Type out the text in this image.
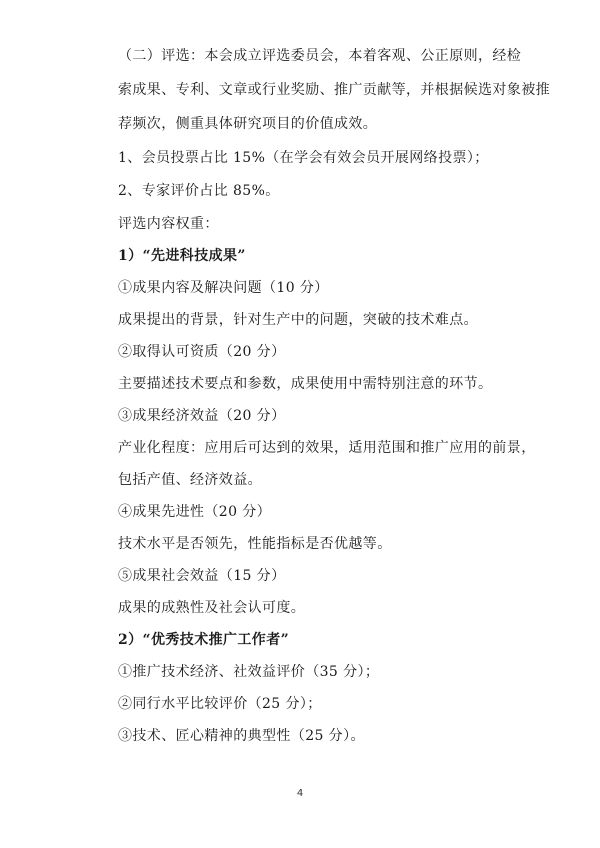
（二）评选：本会成立评选委员会，本着客观、公正原则，经检
索成果、专利、文章或行业奖励、推广贡献等，并根据候选对象被推
荐频次，侧重具体研究项目的价值成效。
1、会员投票占比 15%（在学会有效会员开展网络投票）；
2、专家评价占比 85%。
评选内容权重：
1）“先进科技成果”
①成果内容及解决问题（10 分）
成果提出的背景，针对生产中的问题，突破的技术难点。
②取得认可资质（20 分）
主要描述技术要点和参数，成果使用中需特别注意的环节。
③成果经济效益（20 分）
产业化程度：应用后可达到的效果，适用范围和推广应用的前景，
包括产值、经济效益。
④成果先进性（20 分）
技术水平是否领先，性能指标是否优越等。
⑤成果社会效益（15 分）
成果的成熟性及社会认可度。
2）“优秀技术推广工作者”
①推广技术经济、社效益评价（35 分）；
②同行水平比较评价（25 分）；
③技术、匠心精神的典型性（25 分）。
4
